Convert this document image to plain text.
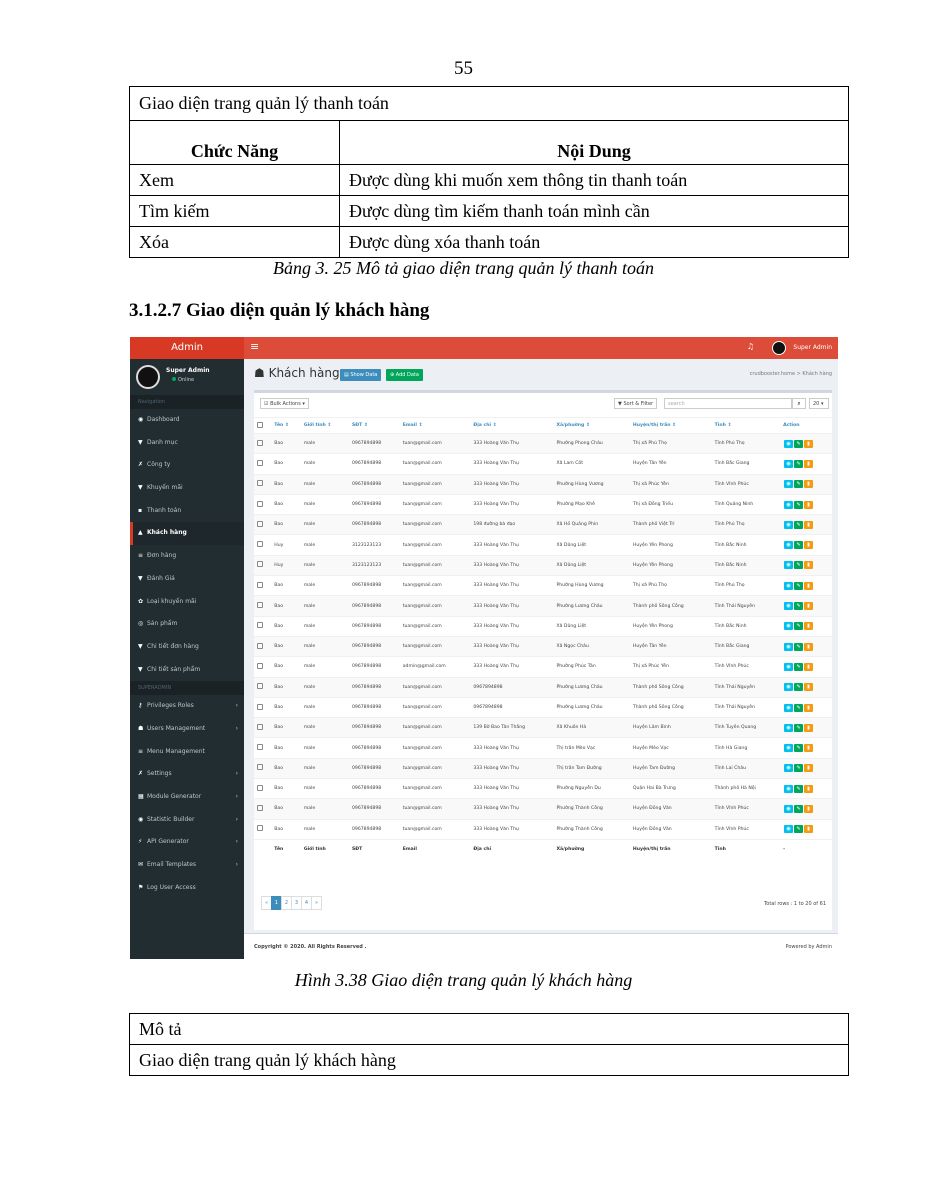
55
Giao diện trang quản lý thanh toán	
Chức Năng	Nội Dung
Xem	Được dùng khi muốn xem thông tin thanh toán
Tìm kiếm	Được dùng tìm kiếm thanh toán mình cần
Xóa	Được dùng xóa thanh toán
Bảng 3. 25 Mô tả giao diện trang quản lý thanh toán
3.1.2.7 Giao diện quản lý khách hàng
Admin
Super Admin
Online
Navigation
◉ Dashboard
▼ Danh mục
✗ Công ty
▼ Khuyến mãi
▪ Thanh toán
▲ Khách hàng
≡ Đơn hàng
▼ Đánh Giá
✿ Loại khuyến mãi
◎ Sản phẩm
▼ Chi tiết đơn hàng
▼ Chi tiết sản phẩm
SUPERADMIN
⚷ Privileges Roles	›
☗ Users Management	›
≡ Menu Management
✗ Settings	›
▦ Module Generator	›
◉ Statistic Builder	›
⚡ API Generator	›
✉ Email Templates	›
⚑ Log User Access
≡	♫	Super Admin
☗ Khách hàng ▤ Show Data	⊕ Add Data	crudbooster.home > Khách hàng
☑ Bulk Actions ▾	▼ Sort & Filter	search	⌕	20 ▾
	Tên ⇕	Giới tính ⇕	SĐT ⇕	Email ⇕	Địa chỉ ⇕	Xã/phường ⇕	Huyện/thị trấn ⇕	Tỉnh ⇕	Action
	Bao	male	0967894898	tuan@gmail.com	333 Hoàng Văn Thụ	Phường Phong Châu	Thị xã Phú Thọ	Tỉnh Phú Thọ	◉ ✎ ▮
	Bao	male	0967894898	tuan@gmail.com	333 Hoàng Văn Thụ	Xã Lam Cốt	Huyện Tân Yên	Tỉnh Bắc Giang	◉ ✎ ▮
	Bao	male	0967894898	tuan@gmail.com	333 Hoàng Văn Thụ	Phường Hùng Vương	Thị xã Phúc Yên	Tỉnh Vĩnh Phúc	◉ ✎ ▮
	Bao	male	0967894898	tuan@gmail.com	333 Hoàng Văn Thụ	Phường Mạo Khê	Thị xã Đông Triều	Tỉnh Quảng Ninh	◉ ✎ ▮
	Bao	male	0967894898	tuan@gmail.com	198 đường bà đạo	Xã Hồ Quảng Phìn	Thành phố Việt Trì	Tỉnh Phú Thọ	◉ ✎ ▮
	Huy	male	3123123123	tuan@gmail.com	333 Hoàng Văn Thụ	Xã Dũng Liệt	Huyện Yên Phong	Tỉnh Bắc Ninh	◉ ✎ ▮
	Huy	male	3123123123	tuan@gmail.com	333 Hoàng Văn Thụ	Xã Dũng Liệt	Huyện Yên Phong	Tỉnh Bắc Ninh	◉ ✎ ▮
	Bao	male	0967894898	tuan@gmail.com	333 Hoàng Văn Thụ	Phường Hùng Vương	Thị xã Phú Thọ	Tỉnh Phú Thọ	◉ ✎ ▮
	Bao	male	0967894898	tuan@gmail.com	333 Hoàng Văn Thụ	Phường Lương Châu	Thành phố Sông Công	Tỉnh Thái Nguyên	◉ ✎ ▮
	Bao	male	0967894898	tuan@gmail.com	333 Hoàng Văn Thụ	Xã Dũng Liệt	Huyện Yên Phong	Tỉnh Bắc Ninh	◉ ✎ ▮
	Bao	male	0967894898	tuan@gmail.com	333 Hoàng Văn Thụ	Xã Ngọc Châu	Huyện Tân Yên	Tỉnh Bắc Giang	◉ ✎ ▮
	Bao	male	0967894898	admin@gmail.com	333 Hoàng Văn Thụ	Phường Phúc Tân	Thị xã Phúc Yên	Tỉnh Vĩnh Phúc	◉ ✎ ▮
	Bao	male	0967894898	tuan@gmail.com	0967894898	Phường Lương Châu	Thành phố Sông Công	Tỉnh Thái Nguyên	◉ ✎ ▮
	Bao	male	0967894898	tuan@gmail.com	0967894898	Phường Lương Châu	Thành phố Sông Công	Tỉnh Thái Nguyên	◉ ✎ ▮
	Bao	male	0967894898	tuan@gmail.com	139 Bờ Bao Tân Thắng	Xã Khuôn Hà	Huyện Lâm Bình	Tỉnh Tuyên Quang	◉ ✎ ▮
	Bao	male	0967894898	tuan@gmail.com	333 Hoàng Văn Thụ	Thị trấn Mèo Vạc	Huyện Mèo Vạc	Tỉnh Hà Giang	◉ ✎ ▮
	Bao	male	0967894898	tuan@gmail.com	333 Hoàng Văn Thụ	Thị trấn Tam Đường	Huyện Tam Đường	Tỉnh Lai Châu	◉ ✎ ▮
	Bao	male	0967894898	tuan@gmail.com	333 Hoàng Văn Thụ	Phường Nguyễn Du	Quận Hai Bà Trưng	Thành phố Hà Nội	◉ ✎ ▮
	Bao	male	0967894898	tuan@gmail.com	333 Hoàng Văn Thụ	Phường Thành Công	Huyện Đồng Văn	Tỉnh Vĩnh Phúc	◉ ✎ ▮
	Bao	male	0967894898	tuan@gmail.com	333 Hoàng Văn Thụ	Phường Thành Công	Huyện Đồng Văn	Tỉnh Vĩnh Phúc	◉ ✎ ▮
	Tên	Giới tính	SĐT	Email	Địa chỉ	Xã/phường	Huyện/thị trấn	Tỉnh	-
«	1	2	3	4	»	Total rows : 1 to 20 of 61
Copyright © 2020. All Rights Reserved .	Powered by Admin
Hình 3.38 Giao diện trang quản lý khách hàng
Mô tả
Giao diện trang quản lý khách hàng
